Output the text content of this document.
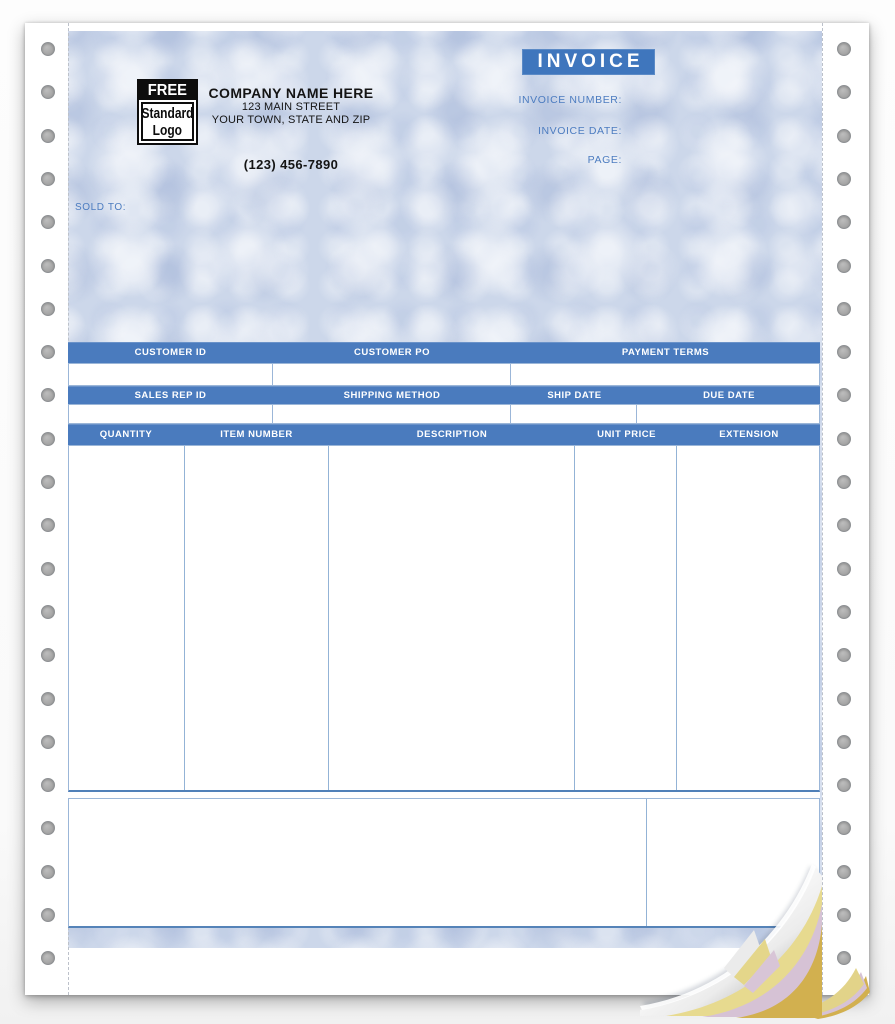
FREE
Standard
Logo
COMPANY NAME HERE
123 MAIN STREET
YOUR TOWN, STATE AND ZIP
(123) 456-7890
INVOICE
INVOICE NUMBER:
INVOICE DATE:
PAGE:
SOLD TO:
CUSTOMER ID	CUSTOMER PO	PAYMENT TERMS
SALES REP ID	SHIPPING METHOD	SHIP DATE	DUE DATE
QUANTITY	ITEM NUMBER	DESCRIPTION	UNIT PRICE	EXTENSION
